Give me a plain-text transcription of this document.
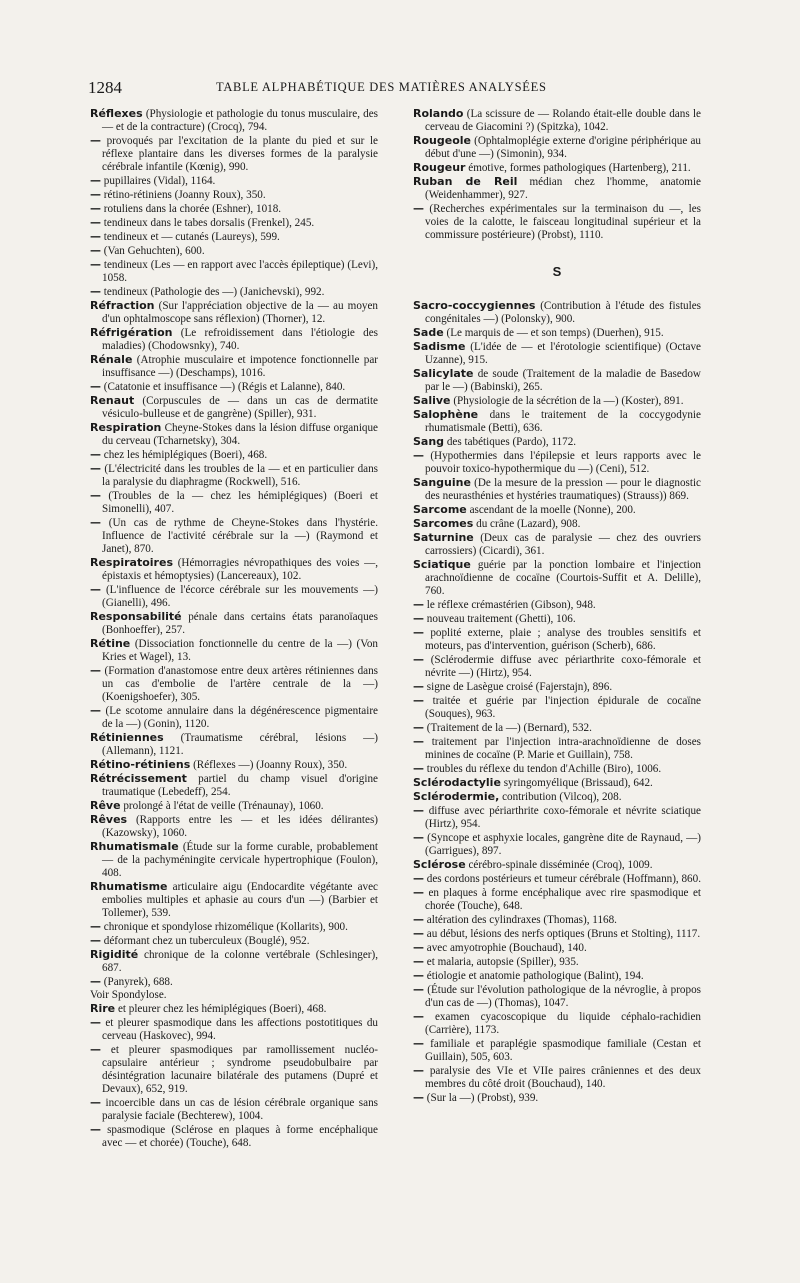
1284	TABLE ALPHABÉTIQUE DES MATIÈRES ANALYSÉES

Réflexes (Physiologie et pathologie du tonus musculaire, des — et de la contracture) (Crocq), 794.

— provoqués par l'excitation de la plante du pied et sur le réflexe plantaire dans les diverses formes de la paralysie cérébrale infantile (Kœnig), 990.

— pupillaires (Vidal), 1164.

— rétino-rétiniens (Joanny Roux), 350.

— rotuliens dans la chorée (Eshner), 1018.

— tendineux dans le tabes dorsalis (Frenkel), 245.

— tendineux et — cutanés (Laureys), 599.

— (Van Gehuchten), 600.

— tendineux (Les — en rapport avec l'accès épileptique) (Levi), 1058.

— tendineux (Pathologie des —) (Janichevski), 992.

Réfraction (Sur l'appréciation objective de la — au moyen d'un ophtalmoscope sans réflexion) (Thorner), 12.

Réfrigération (Le refroidissement dans l'étiologie des maladies) (Chodowsnky), 740.

Rénale (Atrophie musculaire et impotence fonctionnelle par insuffisance —) (Deschamps), 1016.

— (Catatonie et insuffisance —) (Régis et Lalanne), 840.

Renaut (Corpuscules de — dans un cas de dermatite vésiculo-bulleuse et de gangrène) (Spiller), 931.

Respiration Cheyne-Stokes dans la lésion diffuse organique du cerveau (Tcharnetsky), 304.

— chez les hémiplégiques (Boeri), 468.

— (L'électricité dans les troubles de la — et en particulier dans la paralysie du diaphragme (Rockwell), 516.

— (Troubles de la — chez les hémiplégiques) (Boeri et Simonelli), 407.

— (Un cas de rythme de Cheyne-Stokes dans l'hystérie. Influence de l'activité cérébrale sur la —) (Raymond et Janet), 870.

Respiratoires (Hémorragies névropathiques des voies —, épistaxis et hémoptysies) (Lancereaux), 102.

— (L'influence de l'écorce cérébrale sur les mouvements —) (Gianelli), 496.

Responsabilité pénale dans certains états paranoïaques (Bonhoeffer), 257.

Rétine (Dissociation fonctionnelle du centre de la —) (Von Kries et Wagel), 13.

— (Formation d'anastomose entre deux artères rétiniennes dans un cas d'embolie de l'artère centrale de la —) (Koenigshoefer), 305.

— (Le scotome annulaire dans la dégénérescence pigmentaire de la —) (Gonin), 1120.

Rétiniennes (Traumatisme cérébral, lésions —) (Allemann), 1121.

Rétino-rétiniens (Réflexes —) (Joanny Roux), 350.

Rétrécissement partiel du champ visuel d'origine traumatique (Lebedeff), 254.

Rêve prolongé à l'état de veille (Trénaunay), 1060.

Rêves (Rapports entre les — et les idées délirantes) (Kazowsky), 1060.

Rhumatismale (Étude sur la forme curable, probablement — de la pachyméningite cervicale hypertrophique (Foulon), 408.

Rhumatisme articulaire aigu (Endocardite végétante avec embolies multiples et aphasie au cours d'un —) (Barbier et Tollemer), 539.

— chronique et spondylose rhizomélique (Kollarits), 900.

— déformant chez un tuberculeux (Bouglé), 952.

Rigidité chronique de la colonne vertébrale (Schlesinger), 687.

— (Panyrek), 688.

Voir Spondylose.

Rire et pleurer chez les hémiplégiques (Boeri), 468.

— et pleurer spasmodique dans les affections postotitiques du cerveau (Haskovec), 994.

— et pleurer spasmodiques par ramollissement nucléo-capsulaire antérieur ; syndrome pseudobulbaire par désintégration lacunaire bilatérale des putamens (Dupré et Devaux), 652, 919.

— incoercible dans un cas de lésion cérébrale organique sans paralysie faciale (Bechterew), 1004.

— spasmodique (Sclérose en plaques à forme encéphalique avec — et chorée) (Touche), 648.

Rolando (La scissure de — Rolando était-elle double dans le cerveau de Giacomini ?) (Spitzka), 1042.

Rougeole (Ophtalmoplégie externe d'origine périphérique au début d'une —) (Simonin), 934.

Rougeur émotive, formes pathologiques (Hartenberg), 211.

Ruban de Reil médian chez l'homme, anatomie (Weidenhammer), 927.

— (Recherches expérimentales sur la terminaison du —, les voies de la calotte, le faisceau longitudinal supérieur et la commissure postérieure) (Probst), 1110.

S

Sacro-coccygiennes (Contribution à l'étude des fistules congénitales —) (Polonsky), 900.

Sade (Le marquis de — et son temps) (Duerhen), 915.

Sadisme (L'idée de — et l'érotologie scientifique) (Octave Uzanne), 915.

Salicylate de soude (Traitement de la maladie de Basedow par le —) (Babinski), 265.

Salive (Physiologie de la sécrétion de la —) (Koster), 891.

Salophène dans le traitement de la coccygodynie rhumatismale (Betti), 636.

Sang des tabétiques (Pardo), 1172.

— (Hypothermies dans l'épilepsie et leurs rapports avec le pouvoir toxico-hypothermique du —) (Ceni), 512.

Sanguine (De la mesure de la pression — pour le diagnostic des neurasthénies et hystéries traumatiques) (Strauss)) 869.

Sarcome ascendant de la moelle (Nonne), 200.

Sarcomes du crâne (Lazard), 908.

Saturnine (Deux cas de paralysie — chez des ouvriers carrossiers) (Cicardi), 361.

Sciatique guérie par la ponction lombaire et l'injection arachnoïdienne de cocaïne (Courtois-Suffit et A. Delille), 760.

— le réflexe crémastérien (Gibson), 948.

— nouveau traitement (Ghetti), 106.

— poplité externe, plaie ; analyse des troubles sensitifs et moteurs, pas d'intervention, guérison (Scherb), 686.

— (Sclérodermie diffuse avec périarthrite coxo-fémorale et névrite —) (Hirtz), 954.

— signe de Lasègue croisé (Fajerstajn), 896.

— traitée et guérie par l'injection épidurale de cocaïne (Souques), 963.

— (Traitement de la —) (Bernard), 532.

— traitement par l'injection intra-arachnoïdienne de doses minines de cocaïne (P. Marie et Guillain), 758.

— troubles du réflexe du tendon d'Achille (Biro), 1006.

Sclérodactylie syringomyélique (Brissaud), 642.

Sclérodermie, contribution (Vilcoq), 208.

— diffuse avec périarthrite coxo-fémorale et névrite sciatique (Hirtz), 954.

— (Syncope et asphyxie locales, gangrène dite de Raynaud, —) (Garrigues), 897.

Sclérose cérébro-spinale disséminée (Croq), 1009.

— des cordons postérieurs et tumeur cérébrale (Hoffmann), 860.

— en plaques à forme encéphalique avec rire spasmodique et chorée (Touche), 648.

— altération des cylindraxes (Thomas), 1168.

— au début, lésions des nerfs optiques (Bruns et Stolting), 1117.

— avec amyotrophie (Bouchaud), 140.

— et malaria, autopsie (Spiller), 935.

— étiologie et anatomie pathologique (Balint), 194.

— (Étude sur l'évolution pathologique de la névroglie, à propos d'un cas de —) (Thomas), 1047.

— examen cyacoscopique du liquide céphalo-rachidien (Carrière), 1173.

— familiale et paraplégie spasmodique familiale (Cestan et Guillain), 505, 603.

— paralysie des VIe et VIIe paires crâniennes et des deux membres du côté droit (Bouchaud), 140.

— (Sur la —) (Probst), 939.
